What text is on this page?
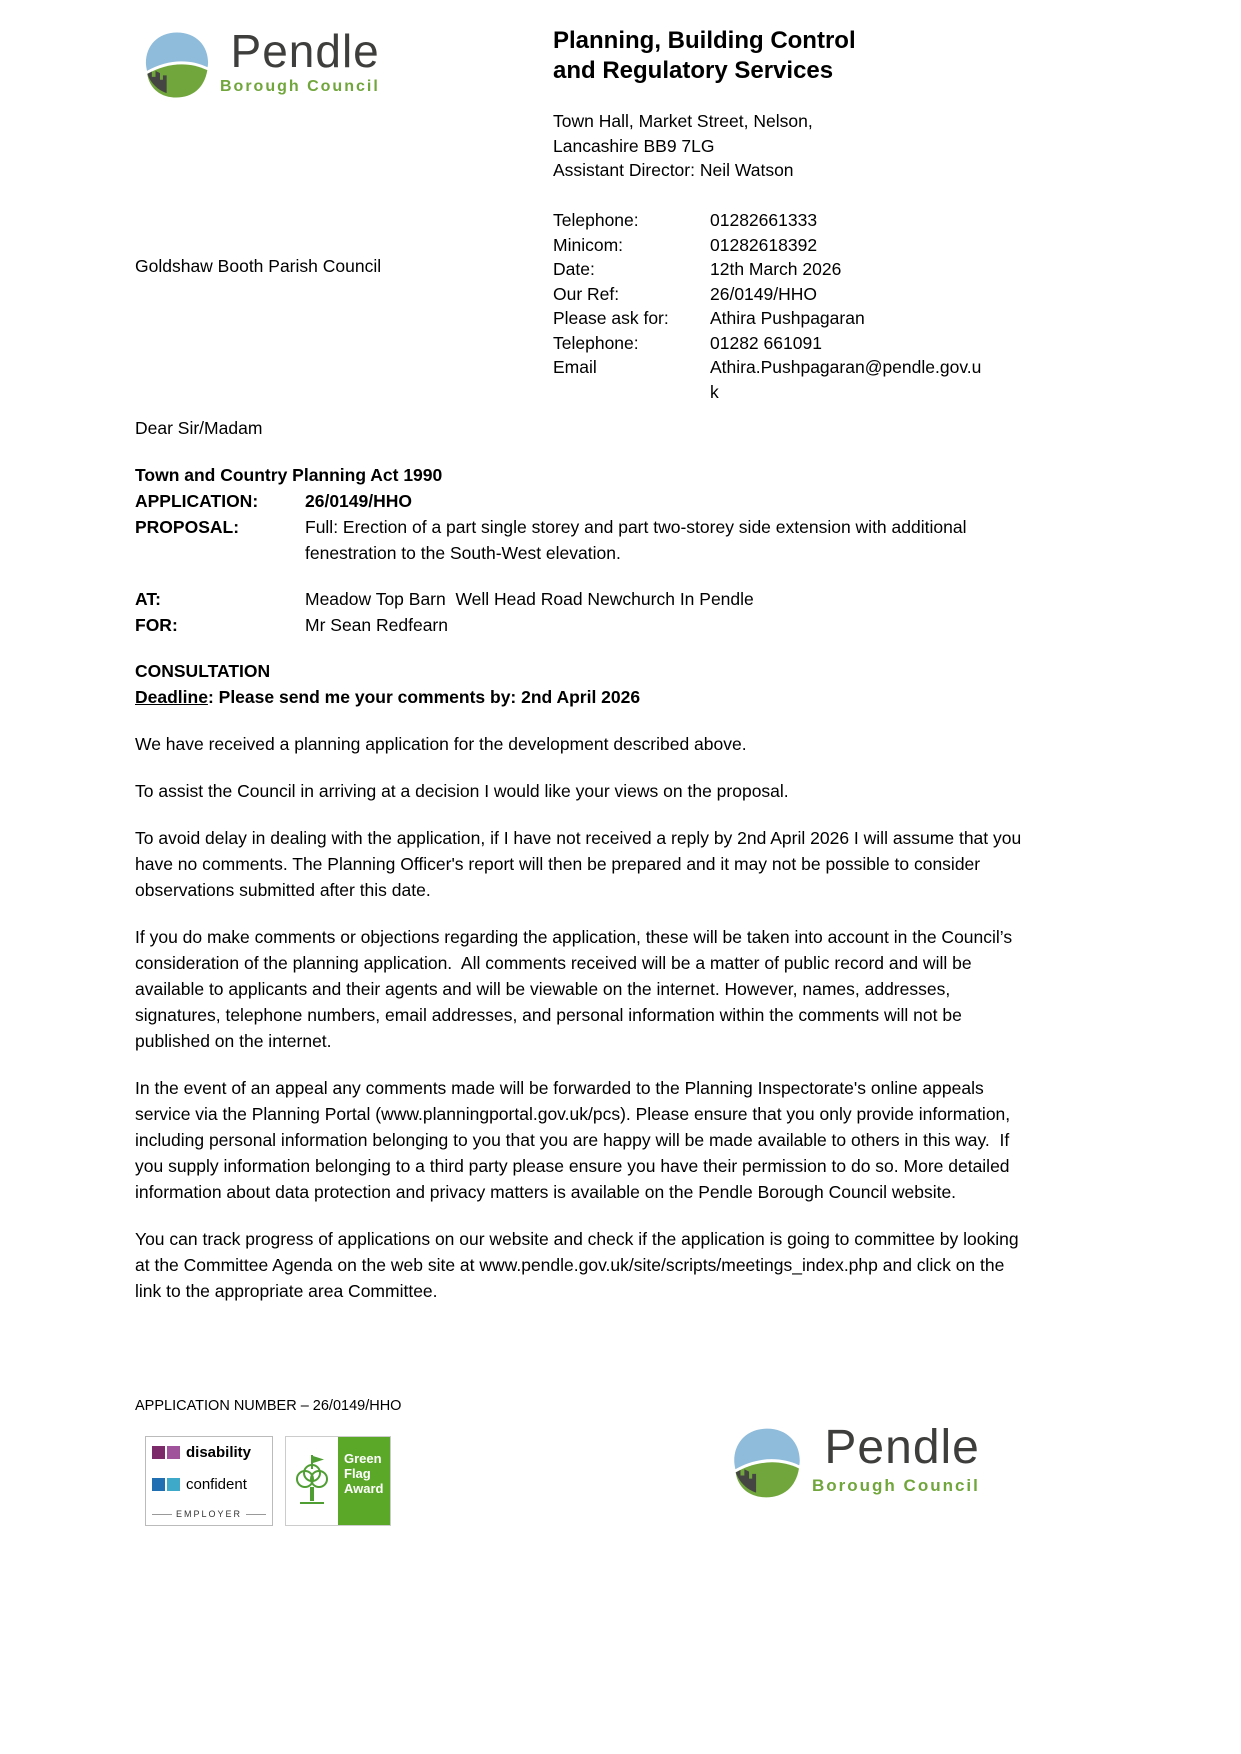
Pendle
Borough Council
Planning, Building Control and Regulatory Services
Town Hall, Market Street, Nelson,
Lancashire BB9 7LG
Assistant Director: Neil Watson
Telephone:	01282661333
Minicom:	01282618392
Date:	12th March 2026
Our Ref:	26/0149/HHO
Please ask for:	Athira Pushpagaran
Telephone:	01282 661091
Email	Athira.Pushpagaran@pendle.gov.uk
Goldshaw Booth Parish Council
Dear Sir/Madam
Town and Country Planning Act 1990
APPLICATION:	26/0149/HHO
PROPOSAL:	Full: Erection of a part single storey and part two-storey side extension with additional fenestration to the South-West elevation.
AT:	Meadow Top Barn  Well Head Road Newchurch In Pendle
FOR:	Mr Sean Redfearn
CONSULTATION
Deadline: Please send me your comments by: 2nd April 2026
We have received a planning application for the development described above.
To assist the Council in arriving at a decision I would like your views on the proposal.
To avoid delay in dealing with the application, if I have not received a reply by 2nd April 2026 I will assume that you have no comments. The Planning Officer's report will then be prepared and it may not be possible to consider observations submitted after this date.
If you do make comments or objections regarding the application, these will be taken into account in the Council’s consideration of the planning application.  All comments received will be a matter of public record and will be available to applicants and their agents and will be viewable on the internet. However, names, addresses, signatures, telephone numbers, email addresses, and personal information within the comments will not be published on the internet.
In the event of an appeal any comments made will be forwarded to the Planning Inspectorate's online appeals service via the Planning Portal (www.planningportal.gov.uk/pcs). Please ensure that you only provide information, including personal information belonging to you that you are happy will be made available to others in this way.  If you supply information belonging to a third party please ensure you have their permission to do so. More detailed information about data protection and privacy matters is available on the Pendle Borough Council website.
You can track progress of applications on our website and check if the application is going to committee by looking at the Committee Agenda on the web site at www.pendle.gov.uk/site/scripts/meetings_index.php and click on the link to the appropriate area Committee.
APPLICATION NUMBER – 26/0149/HHO
disability
confident
EMPLOYER
Green
Flag
Award
Pendle
Borough Council
